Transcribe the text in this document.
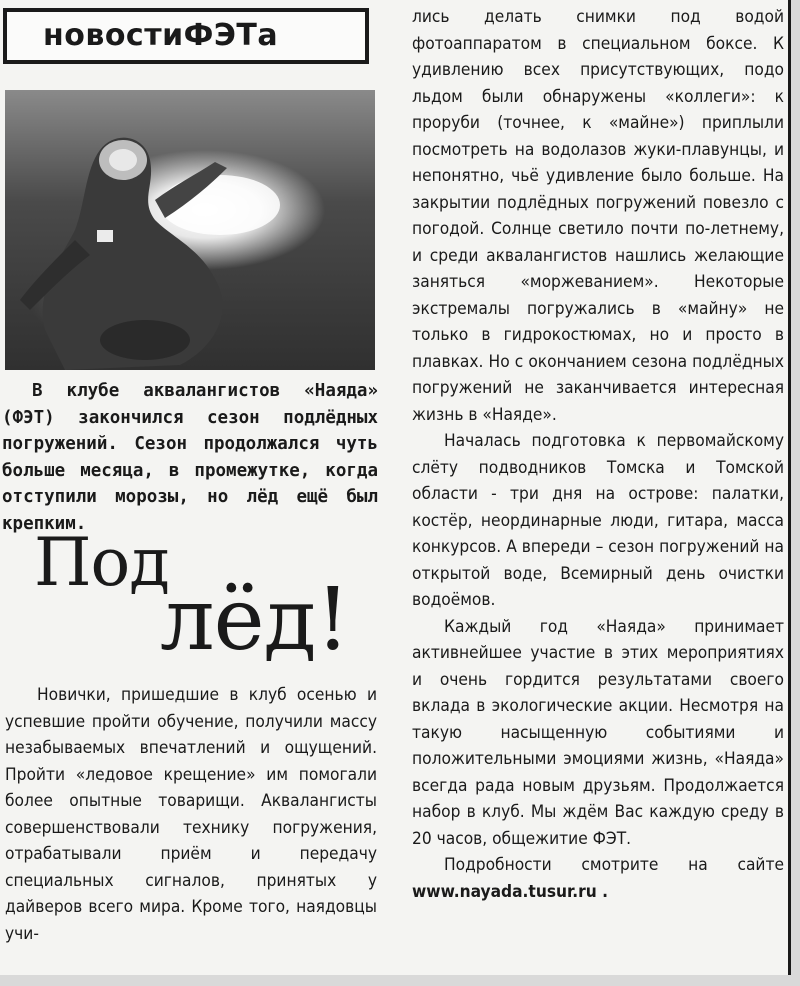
новостиФЭТа
В клубе аквалангистов «Наяда» (ФЭТ) закончился сезон подлёдных погружений. Сезон продолжался чуть больше месяца, в промежутке, когда отступили морозы, но лёд ещё был крепким.
Под
лёд!

Новички, пришедшие в клуб осенью и успевшие пройти обучение, получили массу незабываемых впечатлений и ощущений. Пройти «ледовое крещение» им помогали более опытные товарищи. Аквалангисты совершенствовали технику погружения, отрабатывали приём и передачу специальных сигналов, принятых у дайверов всего мира. Кроме того, наядовцы учи-

лись делать снимки под водой фотоаппаратом в специальном боксе. К удивлению всех присутствующих, подо льдом были обнаружены «коллеги»: к проруби (точнее, к «майне») приплыли посмотреть на водолазов жуки-плавунцы, и непонятно, чьё удивление было больше. На закрытии подлёдных погружений повезло с погодой. Солнце светило почти по-летнему, и среди аквалангистов нашлись желающие заняться «моржеванием». Некоторые экстремалы погружались в «майну» не только в гидрокостюмах, но и просто в плавках. Но с окончанием сезона подлёдных погружений не заканчивается интересная жизнь в «Наяде».

Началась подготовка к первомайскому слёту подводников Томска и Томской области - три дня на острове: палатки, костёр, неординарные люди, гитара, масса конкурсов. А впереди – сезон погружений на открытой воде, Всемирный день очистки водоёмов.

Каждый год «Наяда» принимает активнейшее участие в этих мероприятиях и очень гордится результатами своего вклада в экологические акции. Несмотря на такую насыщенную событиями и положительными эмоциями жизнь, «Наяда» всегда рада новым друзьям. Продолжается набор в клуб. Мы ждём Вас каждую среду в 20 часов, общежитие ФЭТ.

Подробности смотрите на сайте www.nayada.tusur.ru .
